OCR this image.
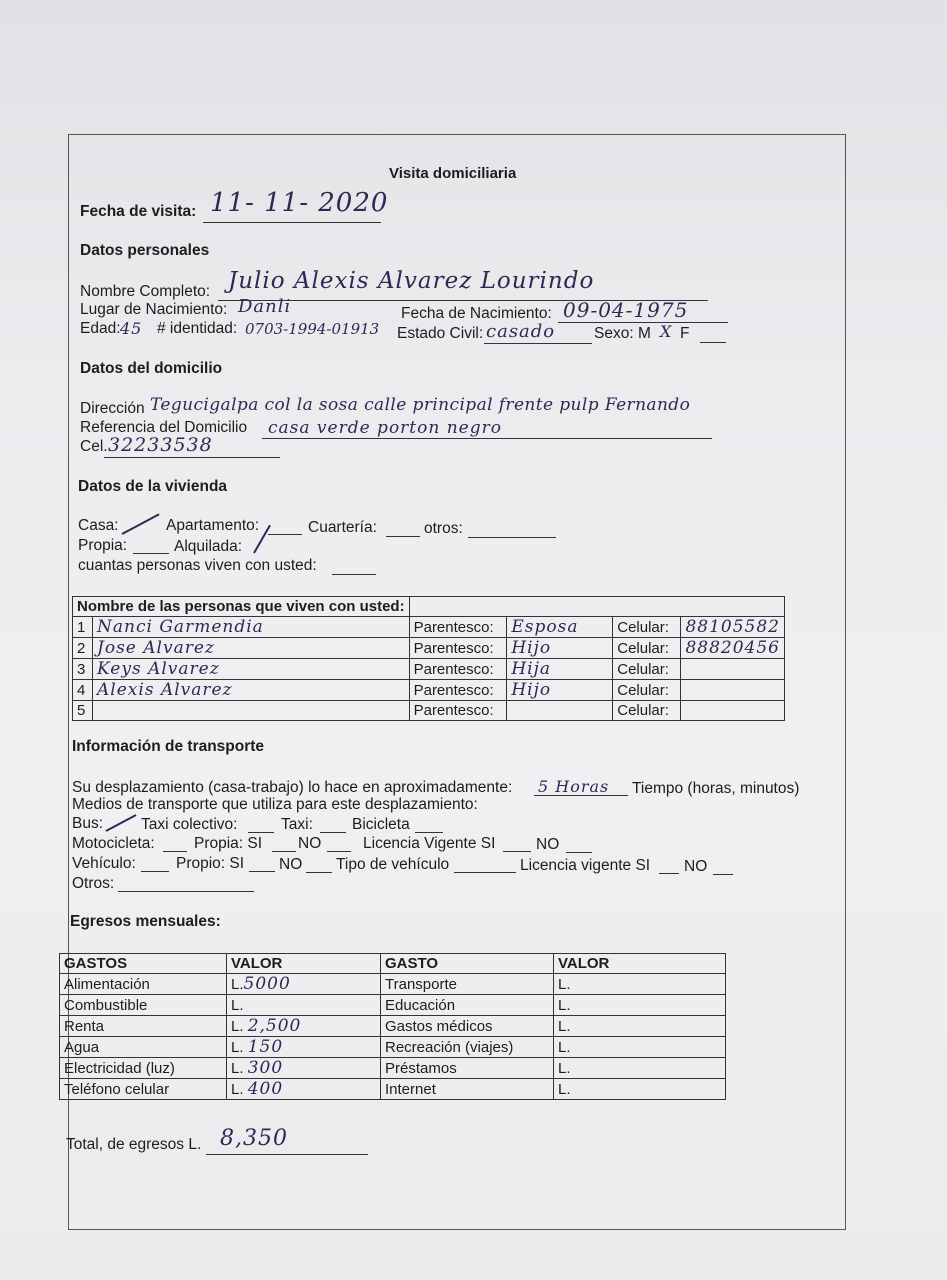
Visita domiciliaria
Fecha de visita: 11- 11- 2020
Datos personales
Nombre Completo: Julio Alexis Alvarez Lourindo
Lugar de Nacimiento: Danli	Fecha de Nacimiento: 09-04-1975
Edad: 45 # identidad: 0703-1994-01913 Estado Civil: casado	Sexo: M X F
Datos del domicilio
Dirección Tegucigalpa col la sosa calle principal frente pulp Fernando
Referencia del Domicilio casa verde porton negro
Cel. 32233538
Datos de la vivienda
Casa:	Apartamento:	Cuartería:	otros:
Propia:	Alquilada:
cuantas personas viven con usted:
Nombre de las personas que viven con usted:					
1	Nanci Garmendia	Parentesco:	Esposa	Celular:	88105582
2	Jose Alvarez	Parentesco:	Hijo	Celular:	88820456
3	Keys Alvarez	Parentesco:	Hija	Celular:	
4	Alexis Alvarez	Parentesco:	Hijo	Celular:	
5		Parentesco:		Celular:	
Información de transporte
Su desplazamiento (casa-trabajo) lo hace en aproximadamente: 5 Horas Tiempo (horas, minutos)
Medios de transporte que utiliza para este desplazamiento:
Bus: Taxi colectivo:	Taxi:	Bicicleta
Motocicleta:	Propia: SI NO	Licencia Vigente SI	NO
Vehículo:	Propio: SI NO Tipo de vehículo	Licencia vigente SI NO
Otros:
Egresos mensuales:
GASTOS	VALOR	GASTO	VALOR
Alimentación	L.5000	Transporte	L.
Combustible	L.	Educación	L.
Renta	L. 2,500	Gastos médicos	L.
Agua	L. 150	Recreación (viajes)	L.
Electricidad (luz)	L. 300	Préstamos	L.
Teléfono celular	L. 400	Internet	L.
Total, de egresos L. 8,350
